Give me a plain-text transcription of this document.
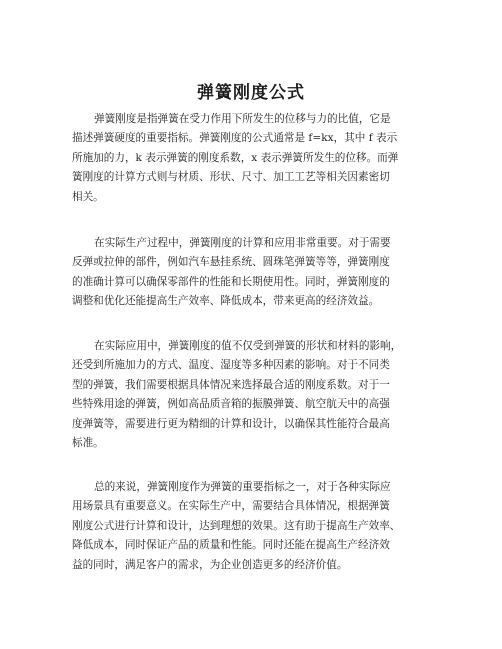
弹簧刚度公式
弹簧刚度是指弹簧在受力作用下所发生的位移与力的比值，它是
描述弹簧硬度的重要指标。弹簧刚度的公式通常是 f=kx，其中 f 表示
所施加的力，k 表示弹簧的刚度系数，x 表示弹簧所发生的位移。而弹
簧刚度的计算方式则与材质、形状、尺寸、加工工艺等相关因素密切
相关。
在实际生产过程中，弹簧刚度的计算和应用非常重要。对于需要
反弹或拉伸的部件，例如汽车悬挂系统、圆珠笔弹簧等等，弹簧刚度
的准确计算可以确保零部件的性能和长期使用性。同时，弹簧刚度的
调整和优化还能提高生产效率、降低成本，带来更高的经济效益。
在实际应用中，弹簧刚度的值不仅受到弹簧的形状和材料的影响，
还受到所施加力的方式、温度、湿度等多种因素的影响。对于不同类
型的弹簧，我们需要根据具体情况来选择最合适的刚度系数。对于一
些特殊用途的弹簧，例如高品质音箱的振膜弹簧、航空航天中的高强
度弹簧等，需要进行更为精细的计算和设计，以确保其性能符合最高
标准。
总的来说，弹簧刚度作为弹簧的重要指标之一，对于各种实际应
用场景具有重要意义。在实际生产中，需要结合具体情况，根据弹簧
刚度公式进行计算和设计，达到理想的效果。这有助于提高生产效率、
降低成本，同时保证产品的质量和性能。同时还能在提高生产经济效
益的同时，满足客户的需求，为企业创造更多的经济价值。
